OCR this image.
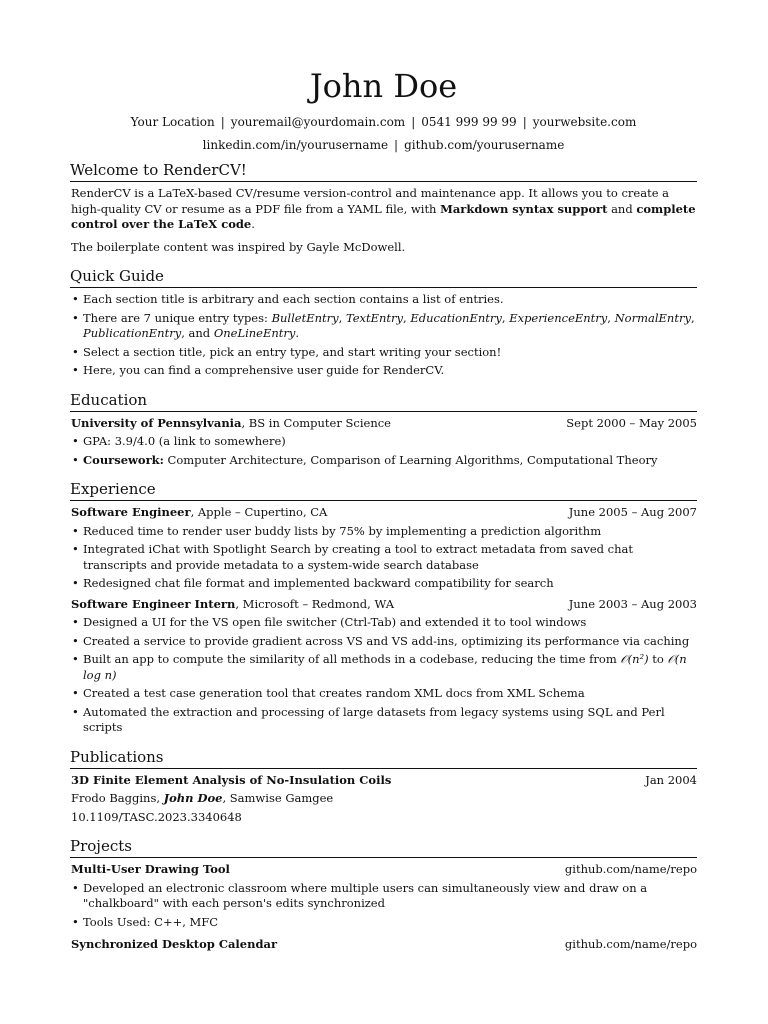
John Doe
Your Location | youremail@yourdomain.com | 0541 999 99 99 | yourwebsite.com
linkedin.com/in/yourusername | github.com/yourusername
Welcome to RenderCV!
RenderCV is a LaTeX-based CV/resume version-control and maintenance app. It allows you to create a high-quality CV or resume as a PDF file from a YAML file, with Markdown syntax support and complete control over the LaTeX code.
The boilerplate content was inspired by Gayle McDowell.
Quick Guide
• Each section title is arbitrary and each section contains a list of entries.
• There are 7 unique entry types: BulletEntry, TextEntry, EducationEntry, ExperienceEntry, NormalEntry, PublicationEntry, and OneLineEntry.
• Select a section title, pick an entry type, and start writing your section!
• Here, you can find a comprehensive user guide for RenderCV.
Education
University of Pennsylvania, BS in Computer Science	Sept 2000 – May 2005
• GPA: 3.9/4.0 (a link to somewhere)
• Coursework: Computer Architecture, Comparison of Learning Algorithms, Computational Theory
Experience
Software Engineer, Apple – Cupertino, CA	June 2005 – Aug 2007
• Reduced time to render user buddy lists by 75% by implementing a prediction algorithm
• Integrated iChat with Spotlight Search by creating a tool to extract metadata from saved chat transcripts and provide metadata to a system-wide search database
• Redesigned chat file format and implemented backward compatibility for search
Software Engineer Intern, Microsoft – Redmond, WA	June 2003 – Aug 2003
• Designed a UI for the VS open file switcher (Ctrl-Tab) and extended it to tool windows
• Created a service to provide gradient across VS and VS add-ins, optimizing its performance via caching
• Built an app to compute the similarity of all methods in a codebase, reducing the time from 𝒪(n²) to 𝒪(n log n)
• Created a test case generation tool that creates random XML docs from XML Schema
• Automated the extraction and processing of large datasets from legacy systems using SQL and Perl scripts
Publications
3D Finite Element Analysis of No-Insulation Coils	Jan 2004
Frodo Baggins, John Doe, Samwise Gamgee
10.1109/TASC.2023.3340648
Projects
Multi-User Drawing Tool	github.com/name/repo
• Developed an electronic classroom where multiple users can simultaneously view and draw on a "chalkboard" with each person's edits synchronized
• Tools Used: C++, MFC
Synchronized Desktop Calendar	github.com/name/repo
